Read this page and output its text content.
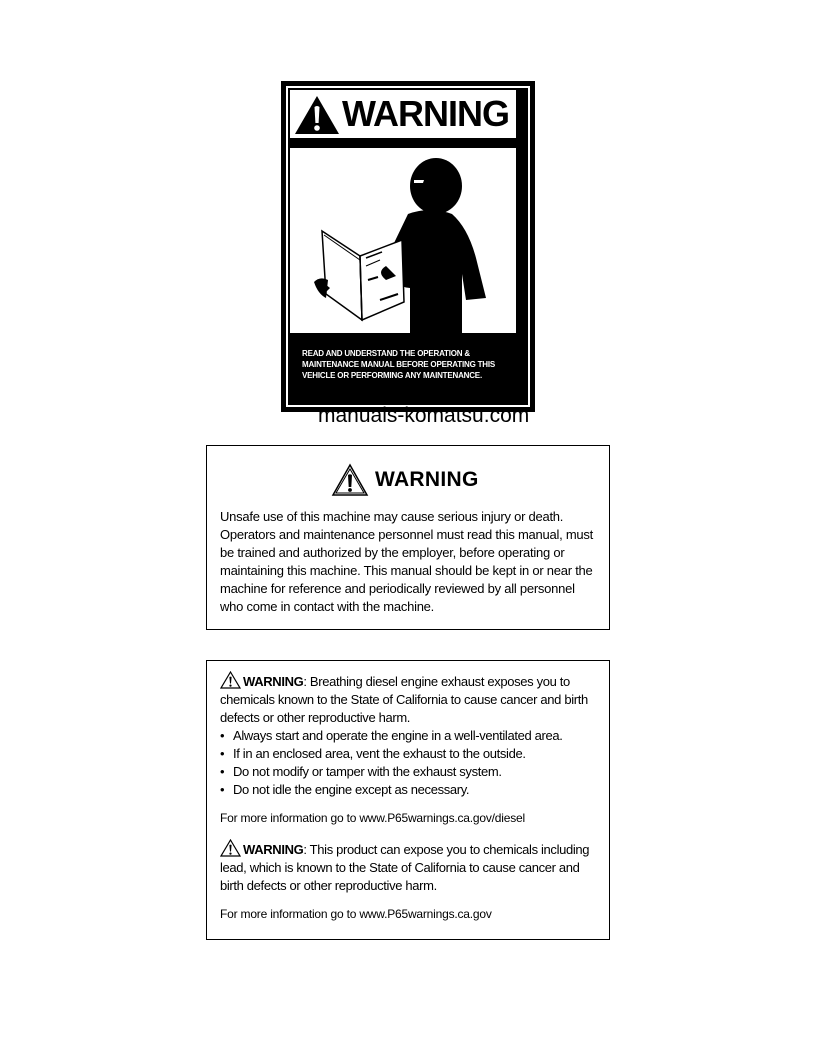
WARNING
READ AND UNDERSTAND THE OPERATION & MAINTENANCE MANUAL BEFORE OPERATING THIS VEHICLE OR PERFORMING ANY MAINTENANCE.
manuals-komatsu.com
WARNING
Unsafe use of this machine may cause serious injury or death. Operators and maintenance personnel must read this manual, must be trained and authorized by the employer, before operating or maintaining this machine. This manual should be kept in or near the machine for reference and periodically reviewed by all personnel who come in contact with the machine.

WARNING: Breathing diesel engine exhaust exposes you to chemicals known to the State of California to cause cancer and birth defects or other reproductive harm.

• Always start and operate the engine in a well-ventilated area.
• If in an enclosed area, vent the exhaust to the outside.
• Do not modify or tamper with the exhaust system.
• Do not idle the engine except as necessary.
For more information go to www.P65warnings.ca.gov/diesel

WARNING: This product can expose you to chemicals including lead, which is known to the State of California to cause cancer and birth defects or other reproductive harm.

For more information go to www.P65warnings.ca.gov
